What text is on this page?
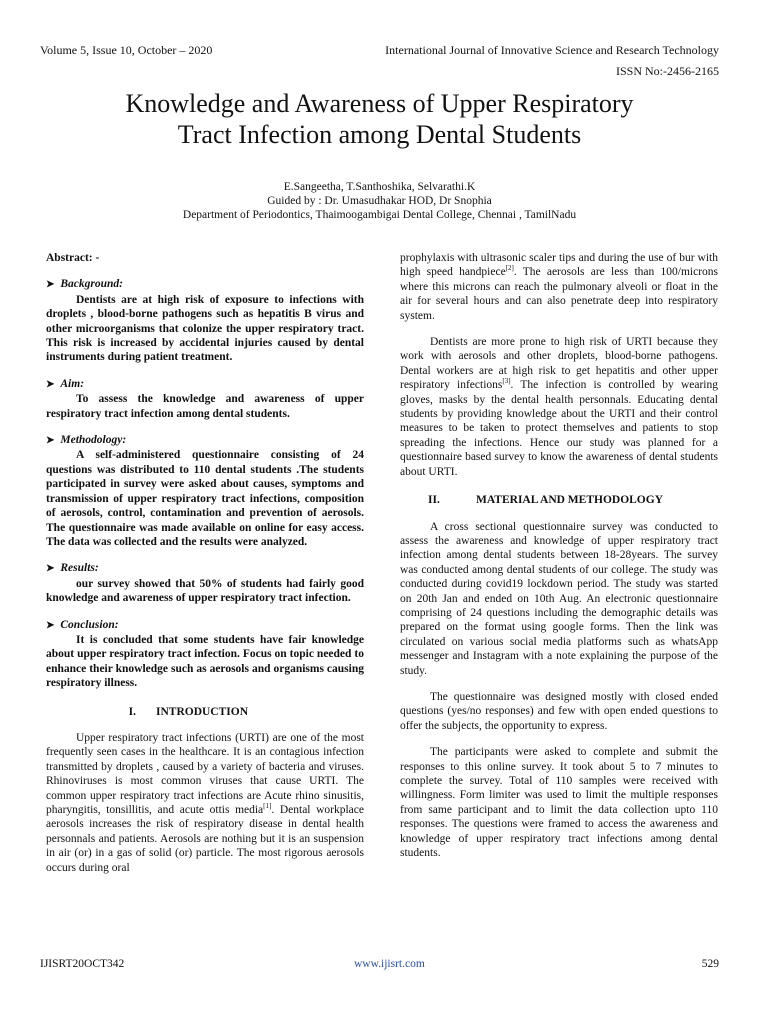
Volume 5, Issue 10, October – 2020	International Journal of Innovative Science and Research Technology
ISSN No:-2456-2165
Knowledge and Awareness of Upper Respiratory
Tract Infection among Dental Students
E.Sangeetha, T.Santhoshika, Selvarathi.K
Guided by : Dr. Umasudhakar HOD, Dr Snophia
Department of Periodontics, Thaimoogambigai Dental College, Chennai , TamilNadu
Abstract: -
➤ Background:

Dentists are at high risk of exposure to infections with droplets , blood-borne pathogens such as hepatitis B virus and other microorganisms that colonize the upper respiratory tract. This risk is increased by accidental injuries caused by dental instruments during patient treatment.

➤ Aim:

To assess the knowledge and awareness of upper respiratory tract infection among dental students.

➤ Methodology:

A self-administered questionnaire consisting of 24 questions was distributed to 110 dental students .The students participated in survey were asked about causes, symptoms and transmission of upper respiratory tract infections, composition of aerosols, control, contamination and prevention of aerosols. The questionnaire was made available on online for easy access. The data was collected and the results were analyzed.

➤ Results:

our survey showed that 50% of students had fairly good knowledge and awareness of upper respiratory tract infection.

➤ Conclusion:

It is concluded that some students have fair knowledge about upper respiratory tract infection. Focus on topic needed to enhance their knowledge such as aerosols and organisms causing respiratory illness.

I.	INTRODUCTION

Upper respiratory tract infections (URTI) are one of the most frequently seen cases in the healthcare. It is an contagious infection transmitted by droplets , caused by a variety of bacteria and viruses. Rhinoviruses is most common viruses that cause URTI. The common upper respiratory tract infections are Acute rhino sinusitis, pharyngitis, tonsillitis, and acute ottis media[1]. Dental workplace aerosols increases the risk of respiratory disease in dental health personnals and patients. Aerosols are nothing but it is an suspension in air (or) in a gas of solid (or) particle. The most rigorous aerosols occurs during oral

prophylaxis with ultrasonic scaler tips and during the use of bur with high speed handpiece[2]. The aerosols are less than 100/microns where this microns can reach the pulmonary alveoli or float in the air for several hours and can also penetrate deep into respiratory system.

Dentists are more prone to high risk of URTI because they work with aerosols and other droplets, blood-borne pathogens. Dental workers are at high risk to get hepatitis and other upper respiratory infections[3]. The infection is controlled by wearing gloves, masks by the dental health personnals. Educating dental students by providing knowledge about the URTI and their control measures to be taken to protect themselves and patients to stop spreading the infections. Hence our study was planned for a questionnaire based survey to know the awareness of dental students about URTI.

II.	MATERIAL AND METHODOLOGY

A cross sectional questionnaire survey was conducted to assess the awareness and knowledge of upper respiratory tract infection among dental students between 18-28years. The survey was conducted among dental students of our college. The study was conducted during covid19 lockdown period. The study was started on 20th Jan and ended on 10th Aug. An electronic questionnaire comprising of 24 questions including the demographic details was prepared on the format using google forms. Then the link was circulated on various social media platforms such as whatsApp messenger and Instagram with a note explaining the purpose of the study.

The questionnaire was designed mostly with closed ended questions (yes/no responses) and few with open ended questions to offer the subjects, the opportunity to express.

The participants were asked to complete and submit the responses to this online survey. It took about 5 to 7 minutes to complete the survey. Total of 110 samples were received with willingness. Form limiter was used to limit the multiple responses from same participant and to limit the data collection upto 110 responses. The questions were framed to access the awareness and knowledge of upper respiratory tract infections among dental students.

IJISRT20OCT342	www.ijisrt.com	529
